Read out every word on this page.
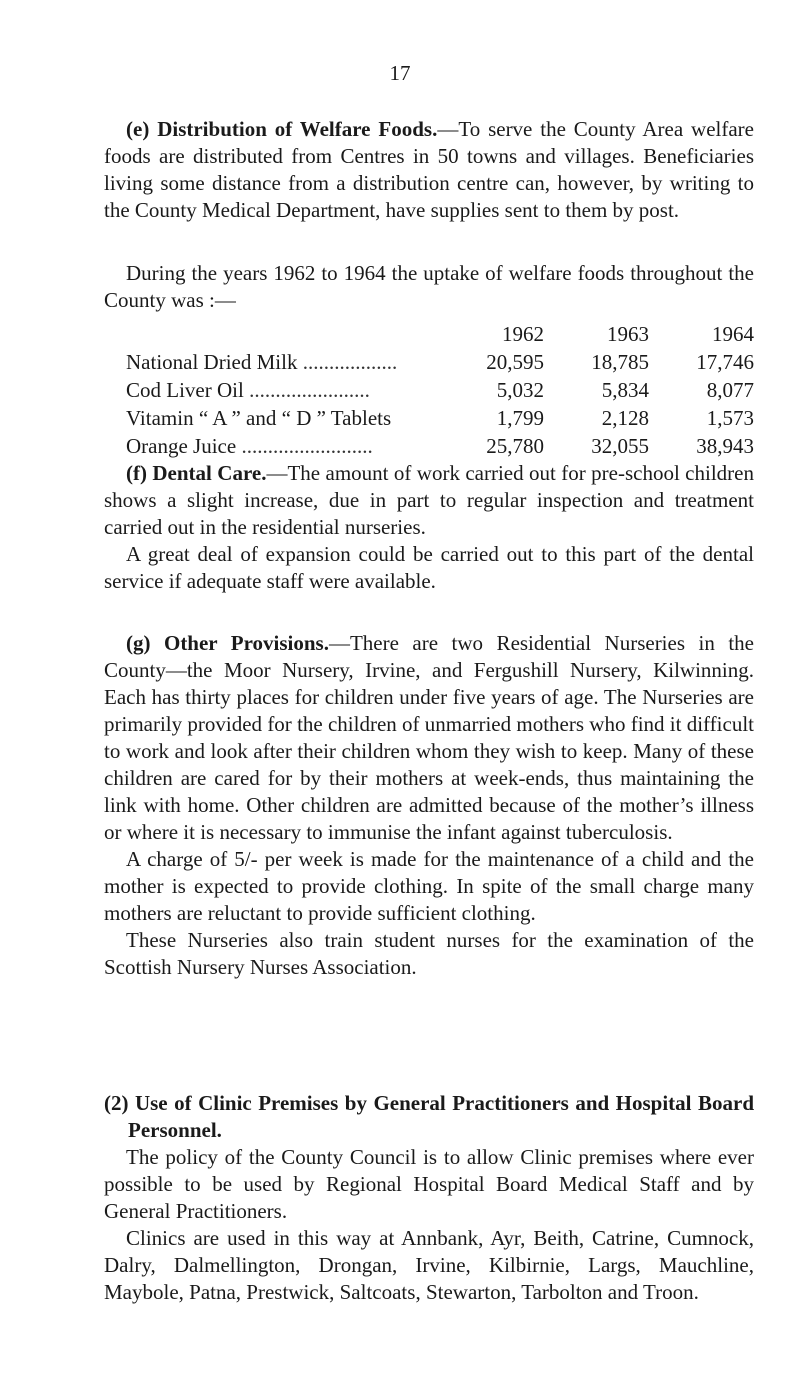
17

(e) Distribution of Welfare Foods.—To serve the County Area welfare foods are distributed from Centres in 50 towns and villages. Beneficiaries living some distance from a distribution centre can, however, by writing to the County Medical Department, have supplies sent to them by post.

During the years 1962 to 1964 the uptake of welfare foods throughout the County was :—

	1962	1963	1964
National Dried Milk ..................	20,595	18,785	17,746
Cod Liver Oil .......................	5,032	5,834	8,077
Vitamin “ A ” and “ D ” Tablets	1,799	2,128	1,573
Orange Juice .........................	25,780	32,055	38,943

(f) Dental Care.—The amount of work carried out for pre-school children shows a slight increase, due in part to regular inspection and treatment carried out in the residential nurseries.

A great deal of expansion could be carried out to this part of the dental service if adequate staff were available.

(g) Other Provisions.—There are two Residential Nurseries in the County—the Moor Nursery, Irvine, and Fergushill Nursery, Kilwinning. Each has thirty places for children under five years of age. The Nurseries are primarily provided for the children of unmarried mothers who find it difficult to work and look after their children whom they wish to keep. Many of these children are cared for by their mothers at week-ends, thus maintaining the link with home. Other children are admitted because of the mother’s illness or where it is necessary to immunise the infant against tuberculosis.

A charge of 5/- per week is made for the maintenance of a child and the mother is expected to provide clothing. In spite of the small charge many mothers are reluctant to provide sufficient clothing.

These Nurseries also train student nurses for the examination of the Scottish Nursery Nurses Association.

(2) Use of Clinic Premises by General Practitioners and Hospital Board Personnel.

The policy of the County Council is to allow Clinic premises where ever possible to be used by Regional Hospital Board Medical Staff and by General Practitioners.

Clinics are used in this way at Annbank, Ayr, Beith, Catrine, Cumnock, Dalry, Dalmellington, Drongan, Irvine, Kilbirnie, Largs, Mauchline, Maybole, Patna, Prestwick, Saltcoats, Stewarton, Tarbolton and Troon.
